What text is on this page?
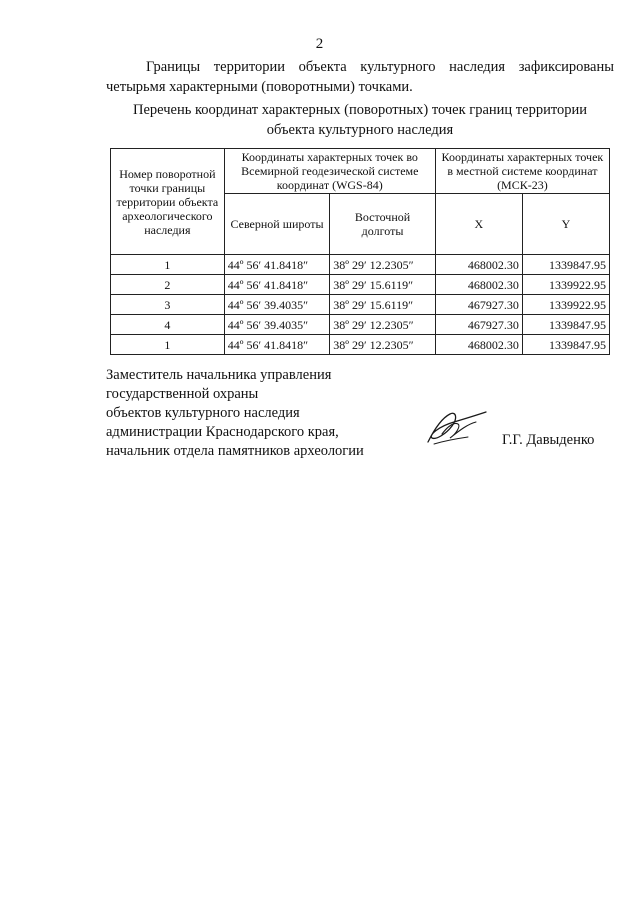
2
Границы территории объекта культурного наследия зафиксированы четырьмя характерными (поворотными) точками.
Перечень координат характерных (поворотных) точек границ территории
объекта культурного наследия
Номер поворотной точки границы территории объекта археологического наследия	Координаты характерных точек во Всемирной геодезической системе координат (WGS-84)		Координаты характерных точек в местной системе координат (МСК-23)	
	Северной широты	Восточной долготы	X	Y
1	44º 56′ 41.8418″	38º 29′ 12.2305″	468002.30	1339847.95
2	44º 56′ 41.8418″	38º 29′ 15.6119″	468002.30	1339922.95
3	44º 56′ 39.4035″	38º 29′ 15.6119″	467927.30	1339922.95
4	44º 56′ 39.4035″	38º 29′ 12.2305″	467927.30	1339847.95
1	44º 56′ 41.8418″	38º 29′ 12.2305″	468002.30	1339847.95
Заместитель начальника управления
государственной охраны
объектов культурного наследия
администрации Краснодарского края,
начальник отдела памятников археологии
Г.Г. Давыденко
